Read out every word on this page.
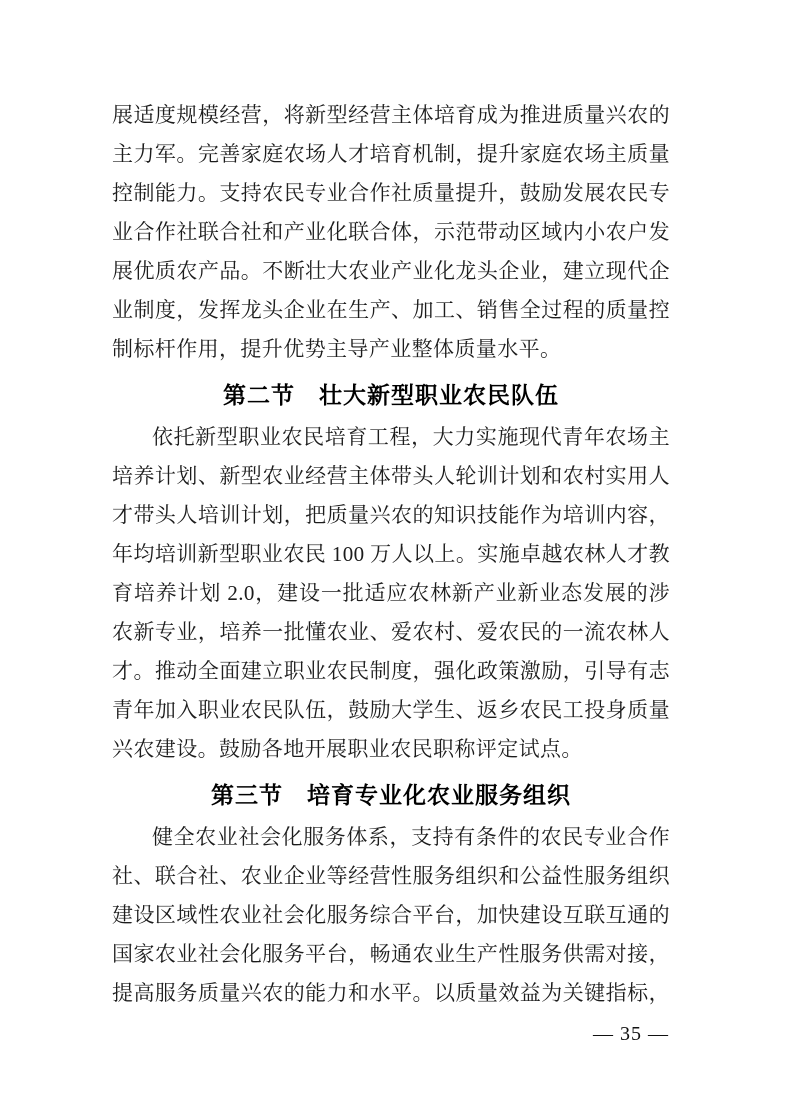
展适度规模经营，将新型经营主体培育成为推进质量兴农的
主力军。完善家庭农场人才培育机制，提升家庭农场主质量
控制能力。支持农民专业合作社质量提升，鼓励发展农民专
业合作社联合社和产业化联合体，示范带动区域内小农户发
展优质农产品。不断壮大农业产业化龙头企业，建立现代企
业制度，发挥龙头企业在生产、加工、销售全过程的质量控
制标杆作用，提升优势主导产业整体质量水平。
第二节　壮大新型职业农民队伍
依托新型职业农民培育工程，大力实施现代青年农场主
培养计划、新型农业经营主体带头人轮训计划和农村实用人
才带头人培训计划，把质量兴农的知识技能作为培训内容，
年均培训新型职业农民 100 万人以上。实施卓越农林人才教
育培养计划 2.0，建设一批适应农林新产业新业态发展的涉
农新专业，培养一批懂农业、爱农村、爱农民的一流农林人
才。推动全面建立职业农民制度，强化政策激励，引导有志
青年加入职业农民队伍，鼓励大学生、返乡农民工投身质量
兴农建设。鼓励各地开展职业农民职称评定试点。
第三节　培育专业化农业服务组织
健全农业社会化服务体系，支持有条件的农民专业合作
社、联合社、农业企业等经营性服务组织和公益性服务组织
建设区域性农业社会化服务综合平台，加快建设互联互通的
国家农业社会化服务平台，畅通农业生产性服务供需对接，
提高服务质量兴农的能力和水平。以质量效益为关键指标，
— 35 —
